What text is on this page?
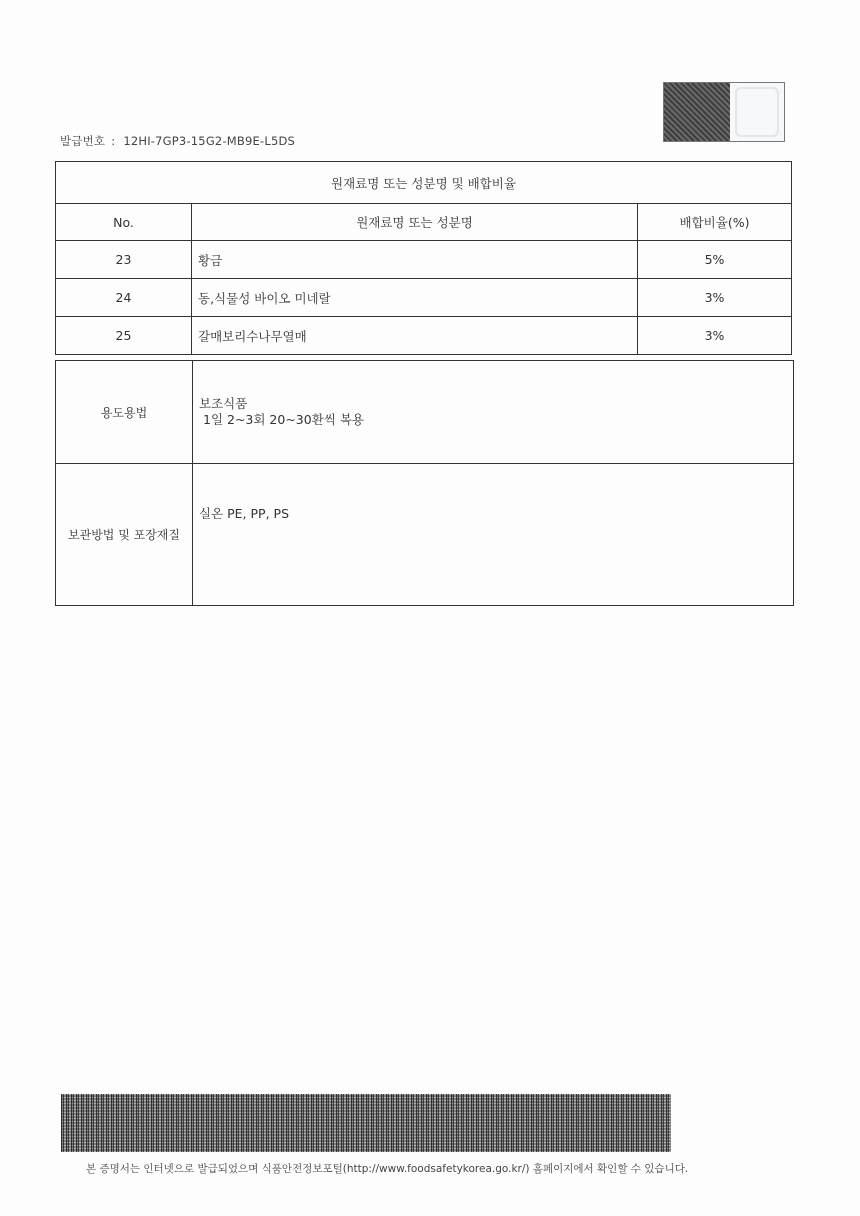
발급번호 : 12HI-7GP3-15G2-MB9E-L5DS
원재료명 또는 성분명 및 배합비율		
No.	원재료명 또는 성분명	배합비율(%)
23	황금	5%
24	동,식물성 바이오 미네랄	3%
25	갈매보리수나무열매	3%
용도용법	보조식품
1일 2~3회 20~30환씩 복용

보관방법 및 포장재질	실온 PE, PP, PS
본 증명서는 인터넷으로 발급되었으며 식품안전정보포털(http://www.foodsafetykorea.go.kr/) 홈페이지에서 확인할 수 있습니다.
